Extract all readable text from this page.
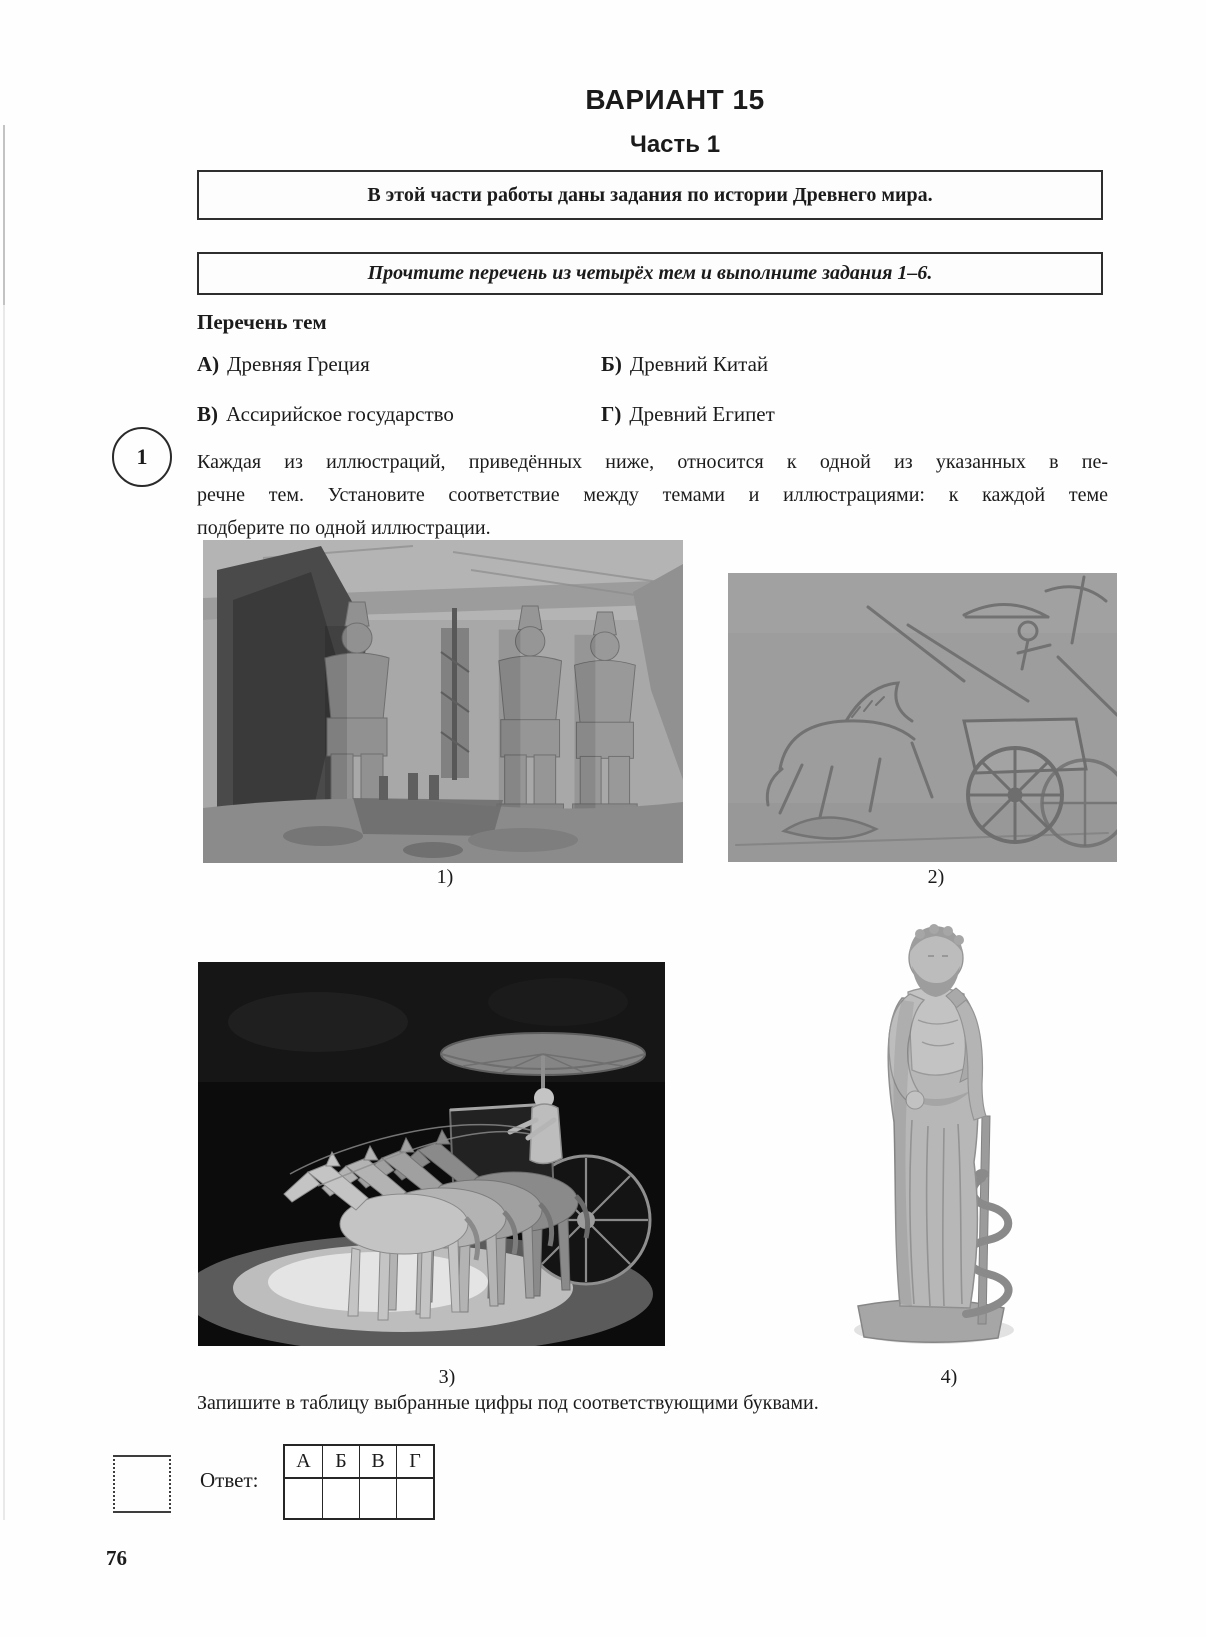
ВАРИАНТ 15
Часть 1
В этой части работы даны задания по истории Древнего мира.
Прочтите перечень из четырёх тем и выполните задания 1–6.
Перечень тем
А) Древняя Греция	Б) Древний Китай
В) Ассирийское государство	Г) Древний Египет
1	Каждая из иллюстраций, приведённых ниже, относится к одной из указанных в пе-
речне тем. Установите соответствие между темами и иллюстрациями: к каждой теме
подберите по одной иллюстрации.
1)	2)
3)	4)
Запишите в таблицу выбранные цифры под соответствующими буквами.
Ответ:
А	Б	В	Г
76
